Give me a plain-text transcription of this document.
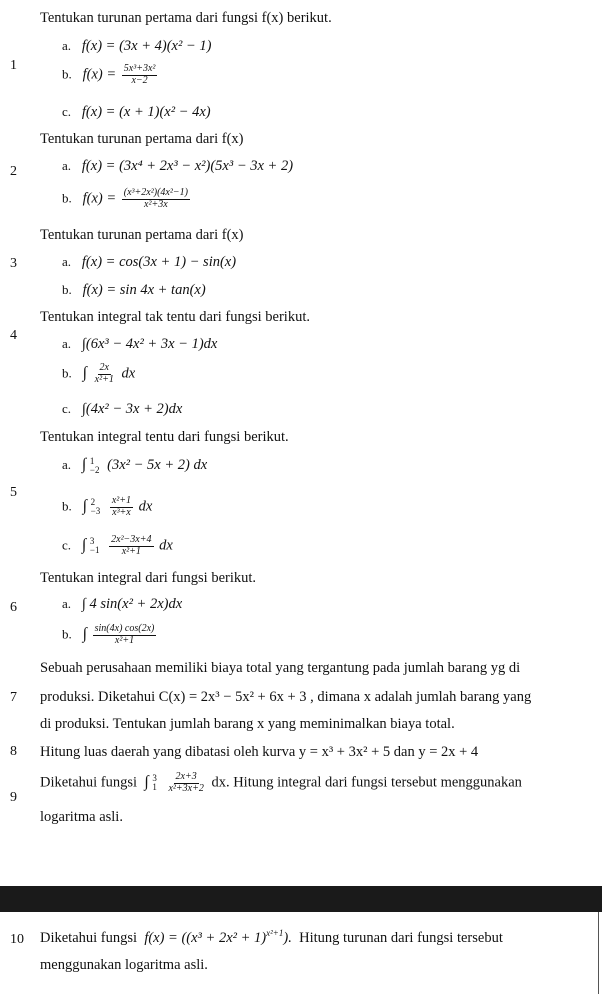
Tentukan turunan pertama dari fungsi f(x) berikut.
1
a. f(x) = (3x + 4)(x² − 1)
b. $f(x) = \frac{\text{5x³+3x²}}{x-2}$
c. f(x) = (x + 1)(x² − 4x)
Tentukan turunan pertama dari f(x)
2	a. f(x) = (3x⁴ + 2x³ − x²)(5x³ − 3x + 2)
b. $f(x) = \frac{\text{(x³+2x²)(4x²−1)}}{\text{x²+3x}}$
Tentukan turunan pertama dari f(x)
3	a. f(x) = cos(3x + 1) − sin(x)
b. f(x) = sin 4x + tan(x)
Tentukan integral tak tentu dari fungsi berikut.
4
a. ∫(6x³ − 4x² + 3x − 1)dx
b. ∫ $\frac{2x}{\text{x²+1}}$ dx
c. ∫(4x² − 3x + 2)dx
Tentukan integral tentu dari fungsi berikut.
5
a. ∫ 1
−2 (3x² − 5x + 2) dx
b. ∫ 2
−3
$\frac{\text{x²+1}}{\text{x³+x}}$ dx
c. ∫ 3
−1
$\frac{\text{2x²−3x+4}}{\text{x²+1}}$ dx
Tentukan integral dari fungsi berikut.
6	a. ∫ 4 sin(x² + 2x)dx
b. ∫ $\frac{\sin(4x) \cos(2x)}{\text{x²+1}}$
7
Sebuah perusahaan memiliki biaya total yang tergantung pada jumlah barang yg di
produksi. Diketahui C(x) = 2x³ − 5x² + 6x + 3 , dimana x adalah jumlah barang yang
di produksi. Tentukan jumlah barang x yang meminimalkan biaya total.
8 Hitung luas daerah yang dibatasi oleh kurva y = x³ + 3x² + 5 dan y = 2x + 4
9
Diketahui fungsi ∫ 3
1
$\frac{2x+3}{\text{x²+3x+2}}$ dx. Hitung integral dari fungsi tersebut menggunakan
logaritma asli.
10 Diketahui fungsi $f(x) = ((x^3 + 2x^2 + 1)^{x^2+1})$. Hitung turunan dari fungsi tersebut
menggunakan logaritma asli.
